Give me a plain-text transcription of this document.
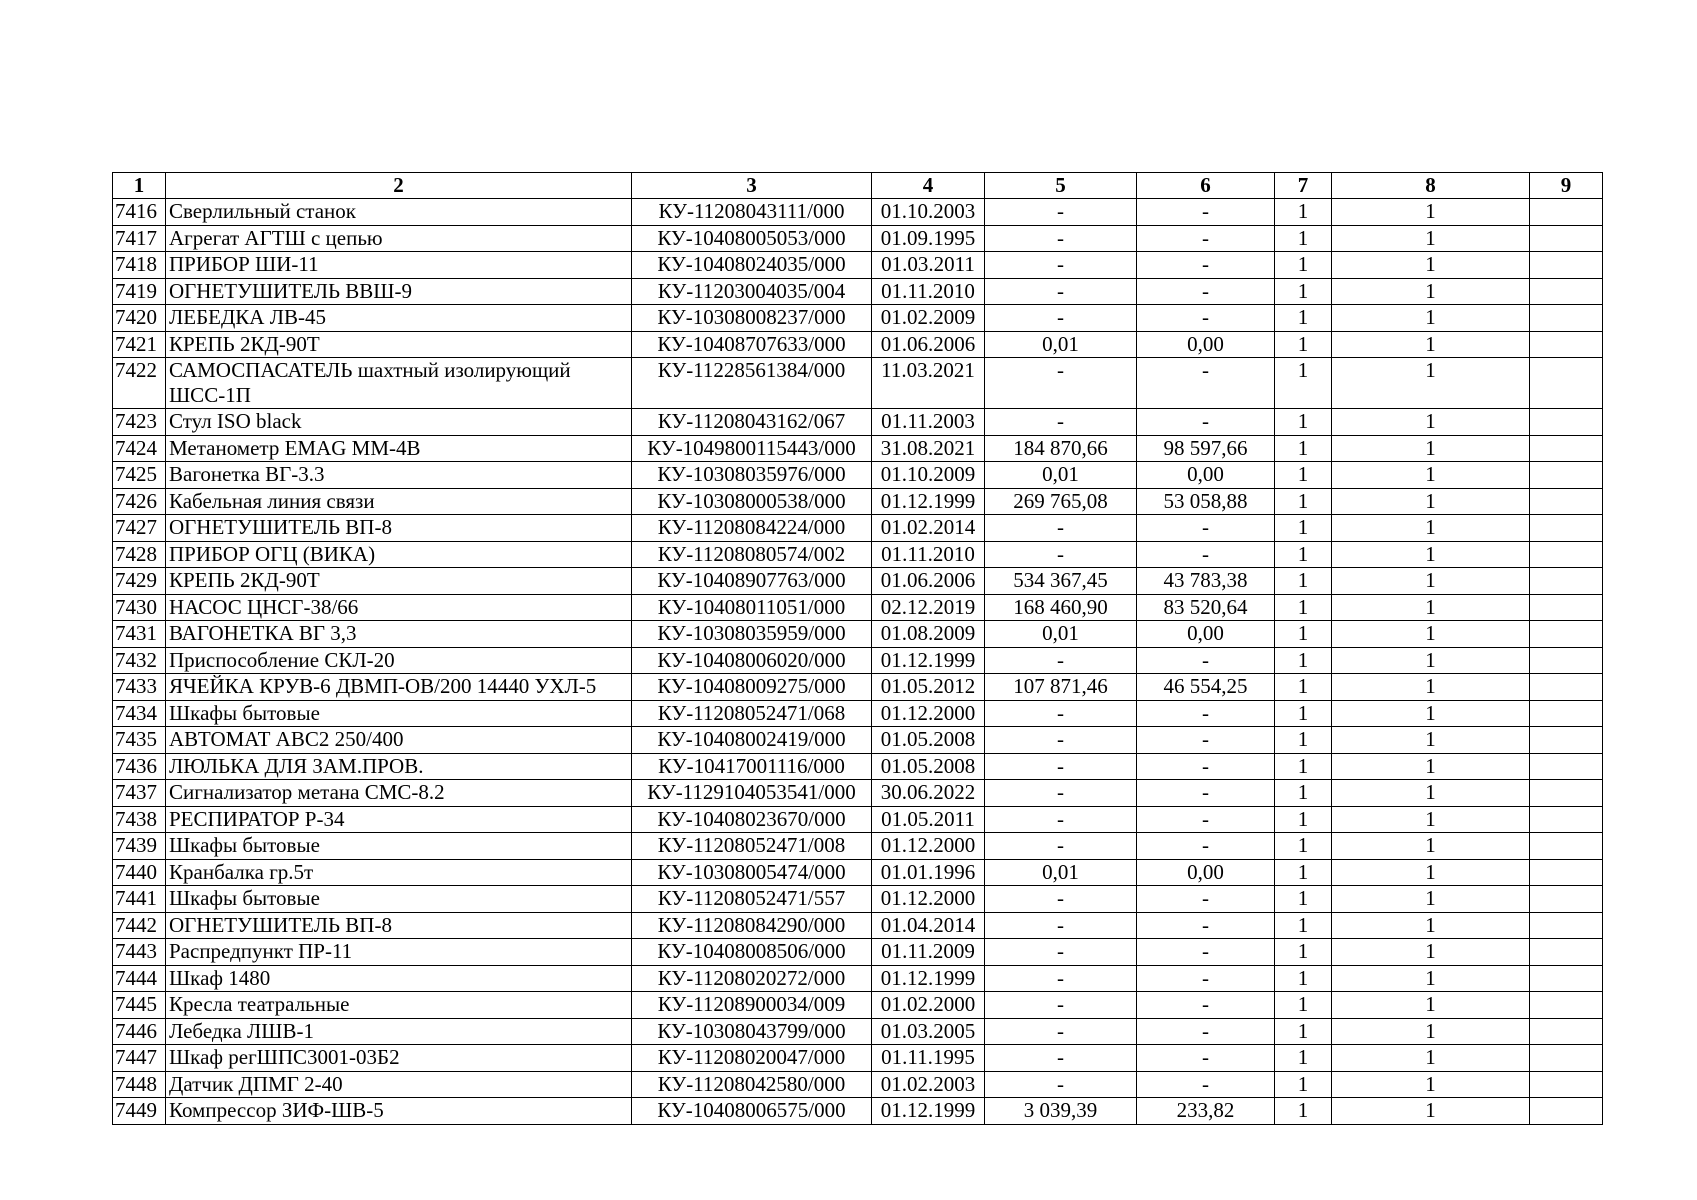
1	2	3	4	5	6	7	8	9
7416	Сверлильный станок	КУ-11208043111/000	01.10.2003	-	-	1	1	
7417	Агрегат АГТШ с цепью	КУ-10408005053/000	01.09.1995	-	-	1	1	
7418	ПРИБОР ШИ-11	КУ-10408024035/000	01.03.2011	-	-	1	1	
7419	ОГНЕТУШИТЕЛЬ ВВШ-9	КУ-11203004035/004	01.11.2010	-	-	1	1	
7420	ЛЕБЕДКА ЛВ-45	КУ-10308008237/000	01.02.2009	-	-	1	1	
7421	КРЕПЬ 2КД-90Т	КУ-10408707633/000	01.06.2006	0,01	0,00	1	1	
7422	САМОСПАСАТЕЛЬ шахтный изолирующий ШСС-1П	КУ-11228561384/000	11.03.2021	-	-	1	1	
7423	Стул ISO black	КУ-11208043162/067	01.11.2003	-	-	1	1	
7424	Метанометр EMAG MM-4B	КУ-1049800115443/000	31.08.2021	184 870,66	98 597,66	1	1	
7425	Вагонетка ВГ-3.3	КУ-10308035976/000	01.10.2009	0,01	0,00	1	1	
7426	Кабельная линия связи	КУ-10308000538/000	01.12.1999	269 765,08	53 058,88	1	1	
7427	ОГНЕТУШИТЕЛЬ ВП-8	КУ-11208084224/000	01.02.2014	-	-	1	1	
7428	ПРИБОР ОГЦ (ВИКА)	КУ-11208080574/002	01.11.2010	-	-	1	1	
7429	КРЕПЬ 2КД-90Т	КУ-10408907763/000	01.06.2006	534 367,45	43 783,38	1	1	
7430	НАСОС ЦНСГ-38/66	КУ-10408011051/000	02.12.2019	168 460,90	83 520,64	1	1	
7431	ВАГОНЕТКА ВГ 3,3	КУ-10308035959/000	01.08.2009	0,01	0,00	1	1	
7432	Приспособление СКЛ-20	КУ-10408006020/000	01.12.1999	-	-	1	1	
7433	ЯЧЕЙКА КРУВ-6 ДВМП-ОВ/200 14440 УХЛ-5	КУ-10408009275/000	01.05.2012	107 871,46	46 554,25	1	1	
7434	Шкафы бытовые	КУ-11208052471/068	01.12.2000	-	-	1	1	
7435	АВТОМАТ АВС2 250/400	КУ-10408002419/000	01.05.2008	-	-	1	1	
7436	ЛЮЛЬКА ДЛЯ ЗАМ.ПРОВ.	КУ-10417001116/000	01.05.2008	-	-	1	1	
7437	Сигнализатор метана СМС-8.2	КУ-1129104053541/000	30.06.2022	-	-	1	1	
7438	РЕСПИРАТОР Р-34	КУ-10408023670/000	01.05.2011	-	-	1	1	
7439	Шкафы бытовые	КУ-11208052471/008	01.12.2000	-	-	1	1	
7440	Кранбалка гр.5т	КУ-10308005474/000	01.01.1996	0,01	0,00	1	1	
7441	Шкафы бытовые	КУ-11208052471/557	01.12.2000	-	-	1	1	
7442	ОГНЕТУШИТЕЛЬ ВП-8	КУ-11208084290/000	01.04.2014	-	-	1	1	
7443	Распредпункт ПР-11	КУ-10408008506/000	01.11.2009	-	-	1	1	
7444	Шкаф 1480	КУ-11208020272/000	01.12.1999	-	-	1	1	
7445	Кресла театральные	КУ-11208900034/009	01.02.2000	-	-	1	1	
7446	Лебедка ЛШВ-1	КУ-10308043799/000	01.03.2005	-	-	1	1	
7447	Шкаф регШПС3001-03Б2	КУ-11208020047/000	01.11.1995	-	-	1	1	
7448	Датчик ДПМГ 2-40	КУ-11208042580/000	01.02.2003	-	-	1	1	
7449	Компрессор ЗИФ-ШВ-5	КУ-10408006575/000	01.12.1999	3 039,39	233,82	1	1	
